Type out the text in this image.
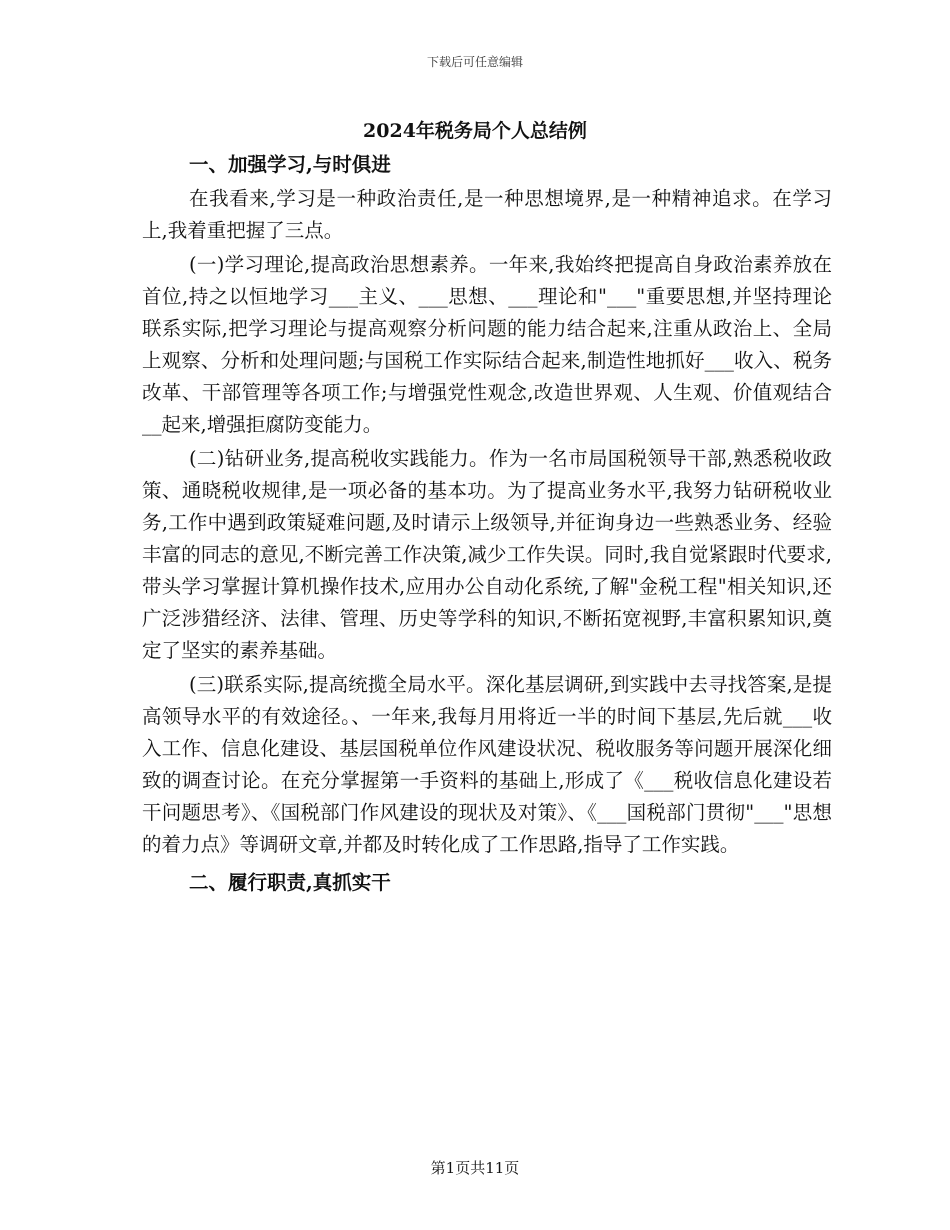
下载后可任意编辑
2024年税务局个人总结例
一、加强学习,与时俱进

在我看来,学习是一种政治责任,是一种思想境界,是一种精神追求。在学习上,我着重把握了三点。

(一)学习理论,提高政治思想素养。一年来,我始终把提高自身政治素养放在首位,持之以恒地学习___主义、___思想、___理论和"___"重要思想,并坚持理论联系实际,把学习理论与提高观察分析问题的能力结合起来,注重从政治上、全局上观察、分析和处理问题;与国税工作实际结合起来,制造性地抓好___收入、税务改革、干部管理等各项工作;与增强党性观念,改造世界观、人生观、价值观结合__起来,增强拒腐防变能力。

(二)钻研业务,提高税收实践能力。作为一名市局国税领导干部,熟悉税收政策、通晓税收规律,是一项必备的基本功。为了提高业务水平,我努力钻研税收业务,工作中遇到政策疑难问题,及时请示上级领导,并征询身边一些熟悉业务、经验丰富的同志的意见,不断完善工作决策,减少工作失误。同时,我自觉紧跟时代要求,带头学习掌握计算机操作技术,应用办公自动化系统,了解"金税工程"相关知识,还广泛涉猎经济、法律、管理、历史等学科的知识,不断拓宽视野,丰富积累知识,奠定了坚实的素养基础。

(三)联系实际,提高统揽全局水平。深化基层调研,到实践中去寻找答案,是提高领导水平的有效途径。、一年来,我每月用将近一半的时间下基层,先后就___收入工作、信息化建设、基层国税单位作风建设状况、税收服务等问题开展深化细致的调查讨论。在充分掌握第一手资料的基础上,形成了《___税收信息化建设若干问题思考》、《国税部门作风建设的现状及对策》、《___国税部门贯彻"___"思想的着力点》等调研文章,并都及时转化成了工作思路,指导了工作实践。

二、履行职责,真抓实干
第1页共11页
